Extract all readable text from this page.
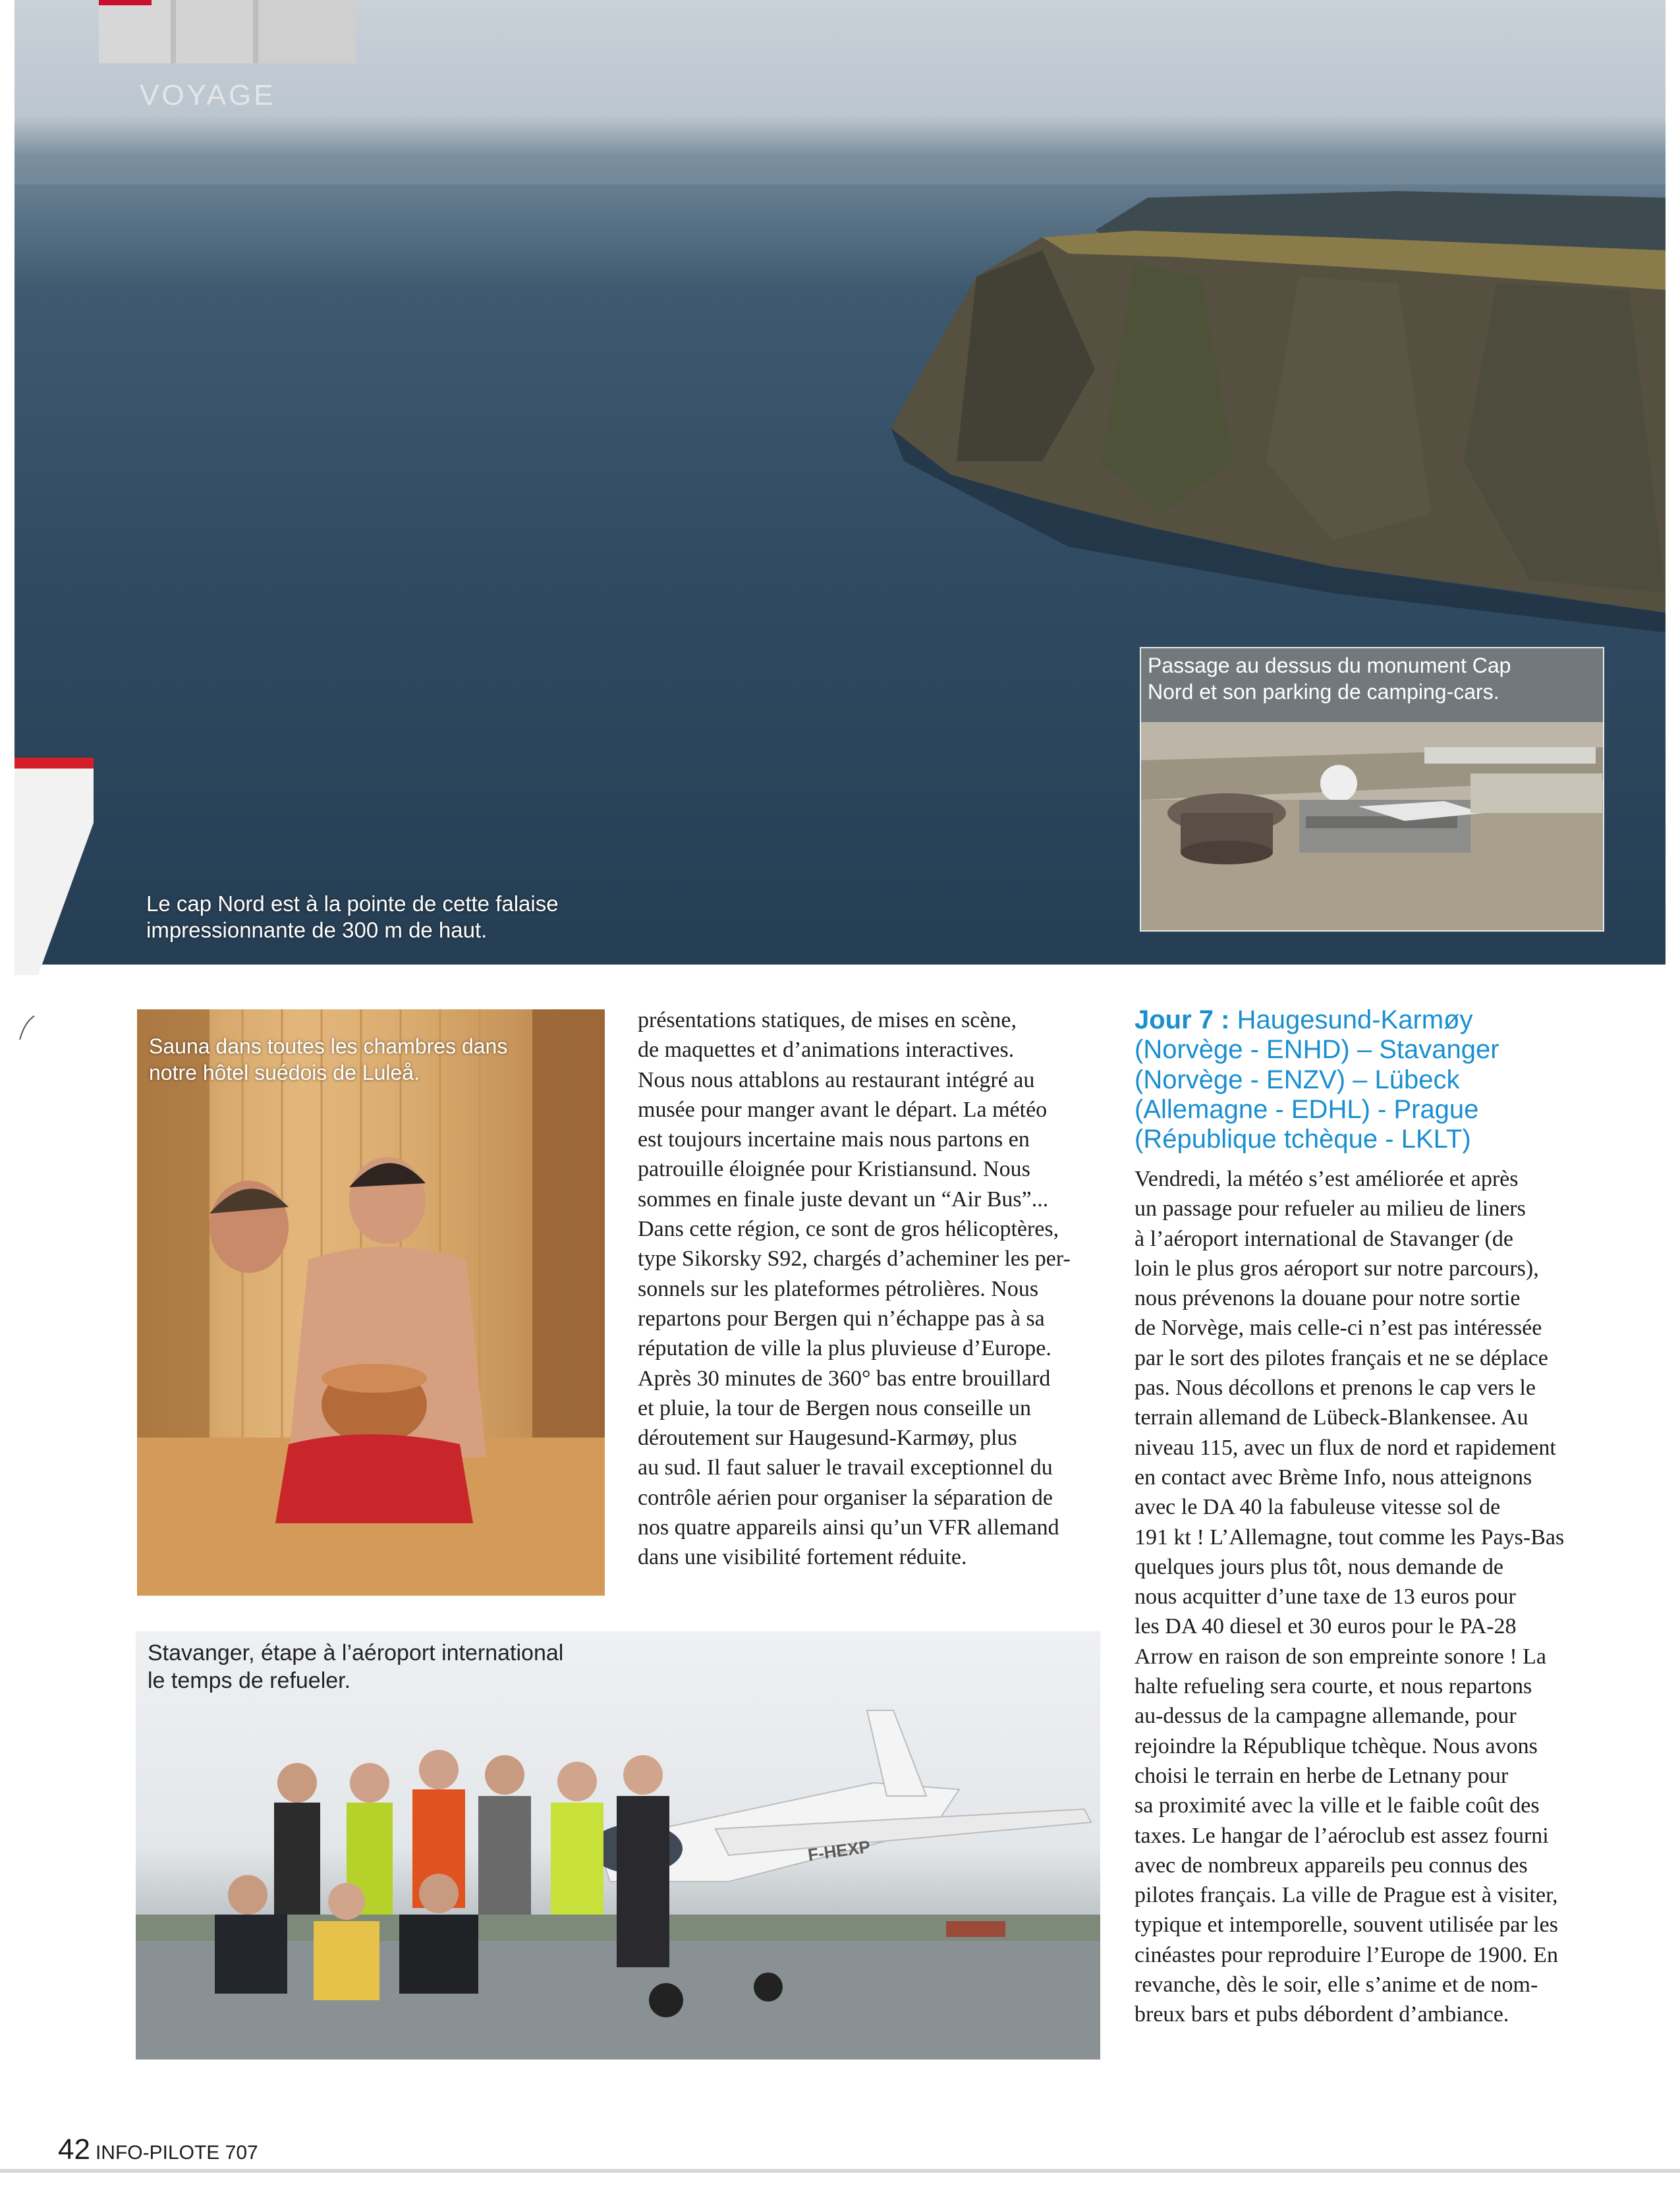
VOYAGE
Le cap Nord est à la pointe de cette falaise
impressionnante de 300 m de haut.
Passage au dessus du monument Cap
Nord et son parking de camping-cars.
Sauna dans toutes les chambres dans
notre hôtel suédois de Luleå.
Stavanger, étape à l’aéroport international
le temps de refueler.
F-HEXP

présentations statiques, de mises en scène,

de maquettes et d’animations interactives.

Nous nous attablons au restaurant intégré au

musée pour manger avant le départ. La météo

est toujours incertaine mais nous partons en

patrouille éloignée pour Kristiansund. Nous

sommes en finale juste devant un “Air Bus”...

Dans cette région, ce sont de gros hélicoptères,

type Sikorsky S92, chargés d’acheminer les per-

sonnels sur les plateformes pétrolières. Nous

repartons pour Bergen qui n’échappe pas à sa

réputation de ville la plus pluvieuse d’Europe.

Après 30 minutes de 360° bas entre brouillard

et pluie, la tour de Bergen nous conseille un

déroutement sur Haugesund-Karmøy, plus

au sud. Il faut saluer le travail exceptionnel du

contrôle aérien pour organiser la séparation de

nos quatre appareils ainsi qu’un VFR allemand

dans une visibilité fortement réduite.

Jour 7 : Haugesund-Karmøy

(Norvège - ENHD) – Stavanger

(Norvège - ENZV) – Lübeck

(Allemagne - EDHL) - Prague

(République tchèque - LKLT)

Vendredi, la météo s’est améliorée et après

un passage pour refueler au milieu de liners

à l’aéroport international de Stavanger (de

loin le plus gros aéroport sur notre parcours),

nous prévenons la douane pour notre sortie

de Norvège, mais celle-ci n’est pas intéressée

par le sort des pilotes français et ne se déplace

pas. Nous décollons et prenons le cap vers le

terrain allemand de Lübeck-Blankensee. Au

niveau 115, avec un flux de nord et rapidement

en contact avec Brème Info, nous atteignons

avec le DA 40 la fabuleuse vitesse sol de

191 kt ! L’Allemagne, tout comme les Pays-Bas

quelques jours plus tôt, nous demande de

nous acquitter d’une taxe de 13 euros pour

les DA 40 diesel et 30 euros pour le PA-28

Arrow en raison de son empreinte sonore ! La

halte refueling sera courte, et nous repartons

au-dessus de la campagne allemande, pour

rejoindre la République tchèque. Nous avons

choisi le terrain en herbe de Letnany pour

sa proximité avec la ville et le faible coût des

taxes. Le hangar de l’aéroclub est assez fourni

avec de nombreux appareils peu connus des

pilotes français. La ville de Prague est à visiter,

typique et intemporelle, souvent utilisée par les

cinéastes pour reproduire l’Europe de 1900. En

revanche, dès le soir, elle s’anime et de nom-

breux bars et pubs débordent d’ambiance.

42 INFO-PILOTE 707
